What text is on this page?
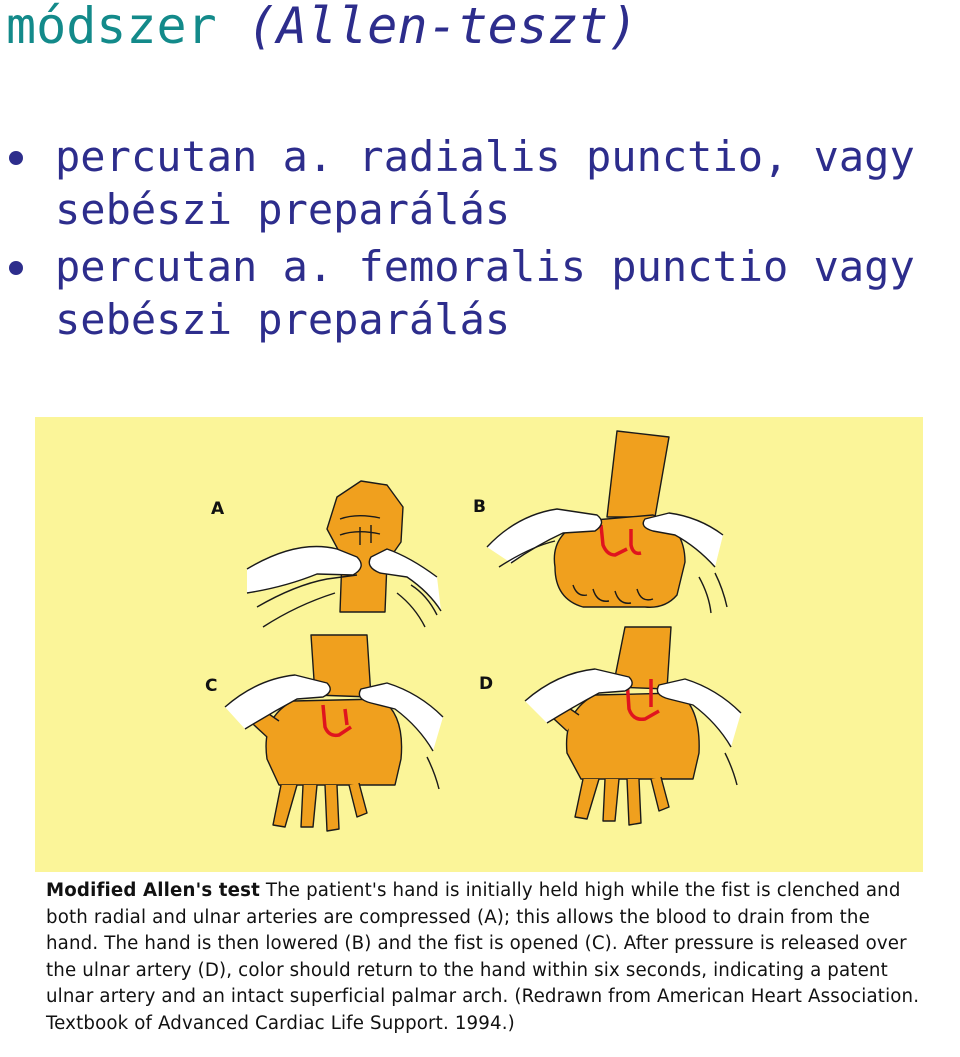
módszer (Allen-teszt)
percutan a. radialis punctio, vagy sebészi preparálás
percutan a. femoralis punctio vagy sebészi preparálás
A	B
C	D

Modified Allen's test The patient's hand is initially held high while the fist is clenched and both radial and ulnar arteries are compressed (A); this allows the blood to drain from the hand. The hand is then lowered (B) and the fist is opened (C). After pressure is released over the ulnar artery (D), color should return to the hand within six seconds, indicating a patent ulnar artery and an intact superficial palmar arch. (Redrawn from American Heart Association. Textbook of Advanced Cardiac Life Support. 1994.)
